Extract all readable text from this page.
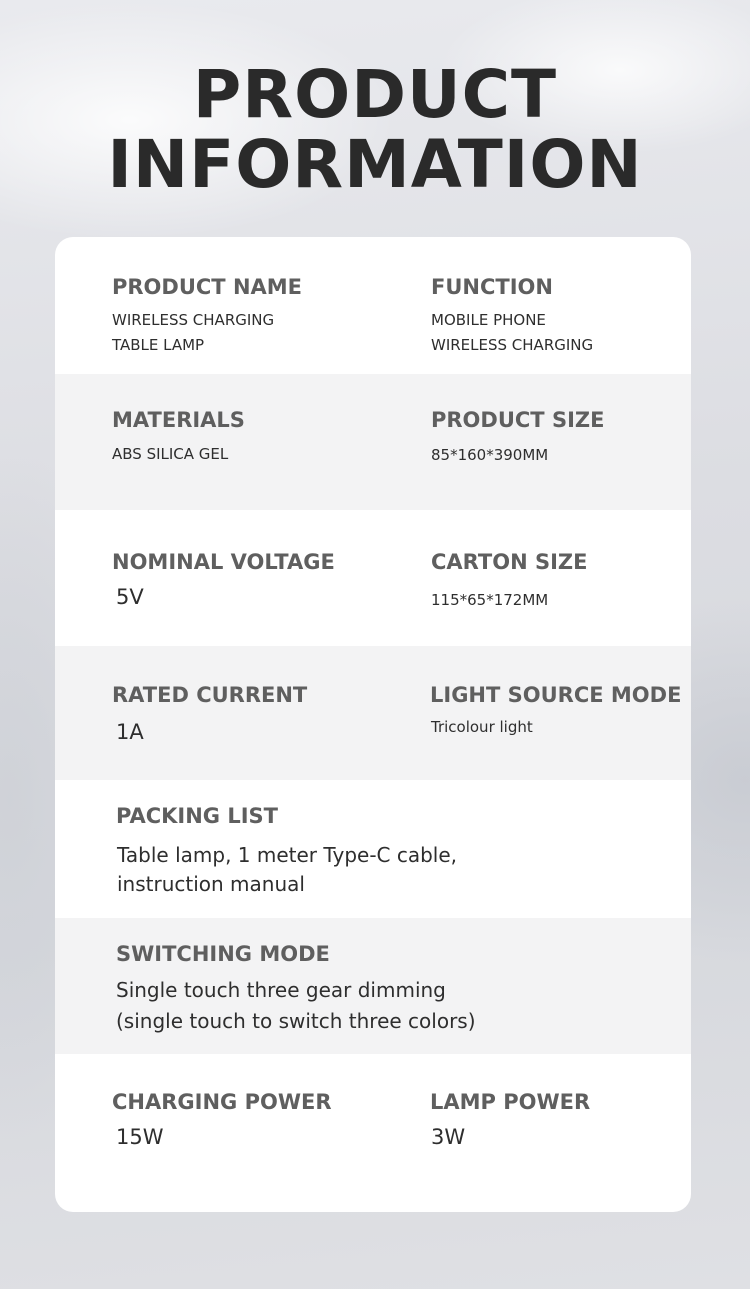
PRODUCT
INFORMATION
PRODUCT NAME
WIRELESS CHARGING
TABLE LAMP
FUNCTION
MOBILE PHONE
WIRELESS CHARGING
MATERIALS
ABS SILICA GEL
PRODUCT SIZE
85*160*390MM
NOMINAL VOLTAGE
5V
CARTON SIZE
115*65*172MM
RATED CURRENT
1A
LIGHT SOURCE MODE
Tricolour light
PACKING LIST
Table lamp, 1 meter Type-C cable,
instruction manual
SWITCHING MODE
Single touch three gear dimming
(single touch to switch three colors)
CHARGING POWER
15W
LAMP POWER
3W
